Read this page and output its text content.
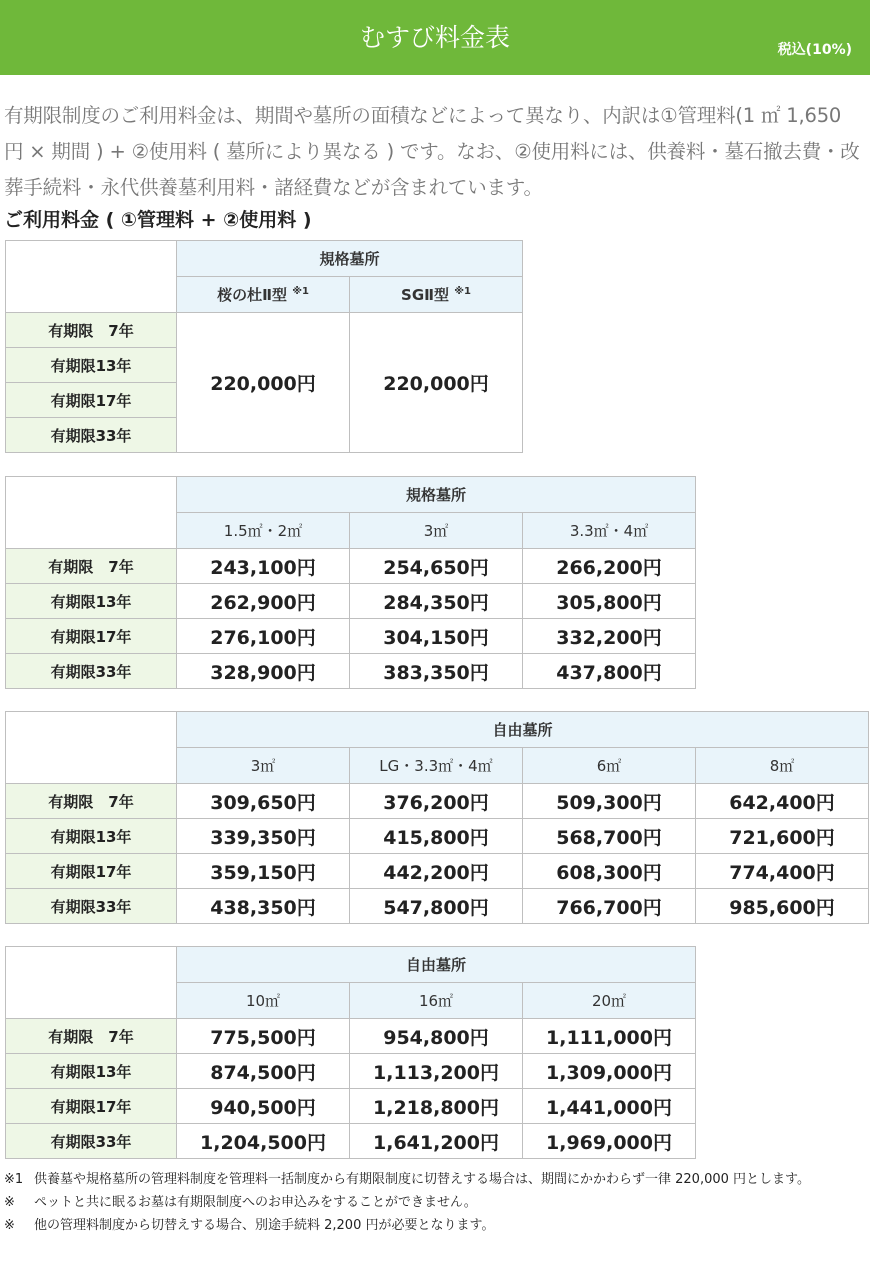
むすび料金表	税込(10%)
有期限制度のご利用料金は、期間や墓所の面積などによって異なり、内訳は①管理料(1 ㎡ 1,650 円 × 期間 ) + ②使用料 ( 墓所により異なる ) です。なお、②使用料には、供養料・墓石撤去費・改葬手続料・永代供養墓利用料・諸経費などが含まれています。
ご利用料金 ( ①管理料 + ②使用料 )
	規格墓所	
	桜の杜Ⅱ型 $^{※1}$	SGⅡ型 $^{※1}$
有期限　7年	220,000円	220,000円
有期限13年		
有期限17年		
有期限33年		
	規格墓所		
	1.5㎡・2㎡	3㎡	3.3㎡・4㎡
有期限　7年	243,100円	254,650円	266,200円
有期限13年	262,900円	284,350円	305,800円
有期限17年	276,100円	304,150円	332,200円
有期限33年	328,900円	383,350円	437,800円
	自由墓所			
	3㎡	LG・3.3㎡・4㎡	6㎡	8㎡
有期限　7年	309,650円	376,200円	509,300円	642,400円
有期限13年	339,350円	415,800円	568,700円	721,600円
有期限17年	359,150円	442,200円	608,300円	774,400円
有期限33年	438,350円	547,800円	766,700円	985,600円
	自由墓所		
	10㎡	16㎡	20㎡
有期限　7年	775,500円	954,800円	1,111,000円
有期限13年	874,500円	1,113,200円	1,309,000円
有期限17年	940,500円	1,218,800円	1,441,000円
有期限33年	1,204,500円	1,641,200円	1,969,000円
※1 供養墓や規格墓所の管理料制度を管理料一括制度から有期限制度に切替えする場合は、期間にかかわらず一律 220,000 円とします。
※	ペットと共に眠るお墓は有期限制度へのお申込みをすることができません。
※	他の管理料制度から切替えする場合、別途手続料 2,200 円が必要となります。
